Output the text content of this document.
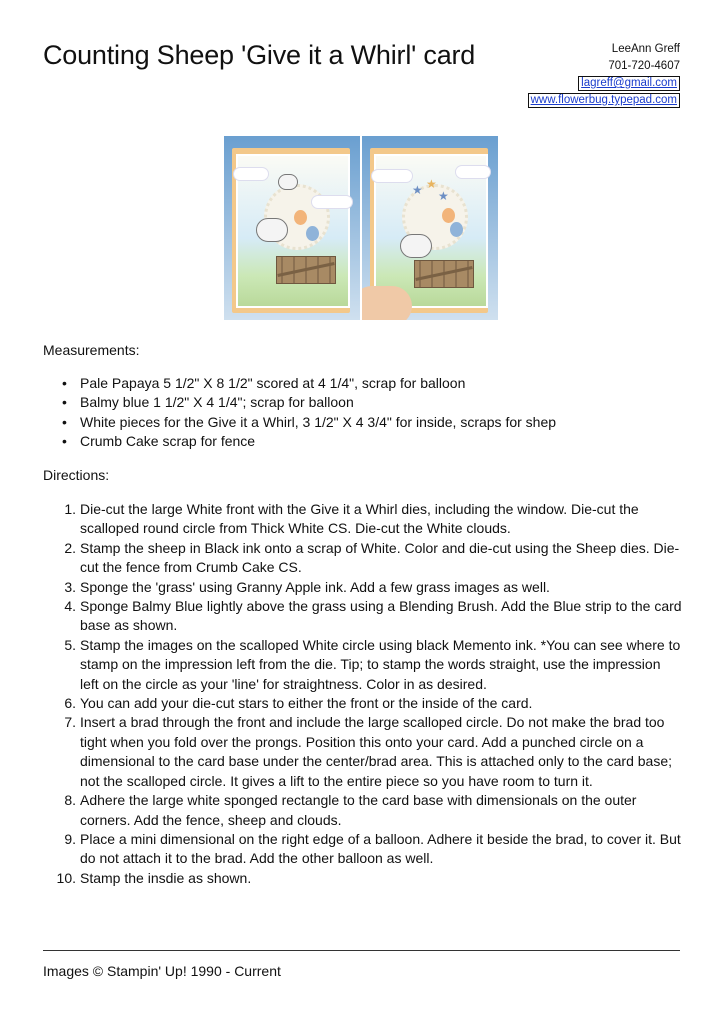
Counting Sheep 'Give it a Whirl' card	LeeAnn Greff
701-720-4607
lagreff@gmail.com
www.flowerbug.typepad.com
★ ★
★

Measurements:

• Pale Papaya 5 1/2" X 8 1/2" scored at 4 1/4", scrap for balloon
• Balmy blue 1 1/2" X 4 1/4"; scrap for balloon
• White pieces for the Give it a Whirl, 3 1/2" X 4 3/4" for inside, scraps for shep
• Crumb Cake scrap for fence

Directions:

1. Die-cut the large White front with the Give it a Whirl dies, including the window. Die-cut the scalloped round circle from Thick White CS. Die-cut the White clouds.
2. Stamp the sheep in Black ink onto a scrap of White. Color and die-cut using the Sheep dies. Die-cut the fence from Crumb Cake CS.
3. Sponge the 'grass' using Granny Apple ink. Add a few grass images as well.
4. Sponge Balmy Blue lightly above the grass using a Blending Brush. Add the Blue strip to the card base as shown.
5. Stamp the images on the scalloped White circle using black Memento ink. *You can see where to stamp on the impression left from the die. Tip; to stamp the words straight, use the impression left on the circle as your 'line' for straightness. Color in as desired.
6. You can add your die-cut stars to either the front or the inside of the card.
7. Insert a brad through the front and include the large scalloped circle. Do not make the brad too tight when you fold over the prongs. Position this onto your card. Add a punched circle on a dimensional to the card base under the center/brad area. This is attached only to the card base; not the scalloped circle. It gives a lift to the entire piece so you have room to turn it.
8. Adhere the large white sponged rectangle to the card base with dimensionals on the outer corners. Add the fence, sheep and clouds.
9. Place a mini dimensional on the right edge of a balloon. Adhere it beside the brad, to cover it. But do not attach it to the brad. Add the other balloon as well.
10. Stamp the insdie as shown.
Images © Stampin' Up! 1990 - Current
